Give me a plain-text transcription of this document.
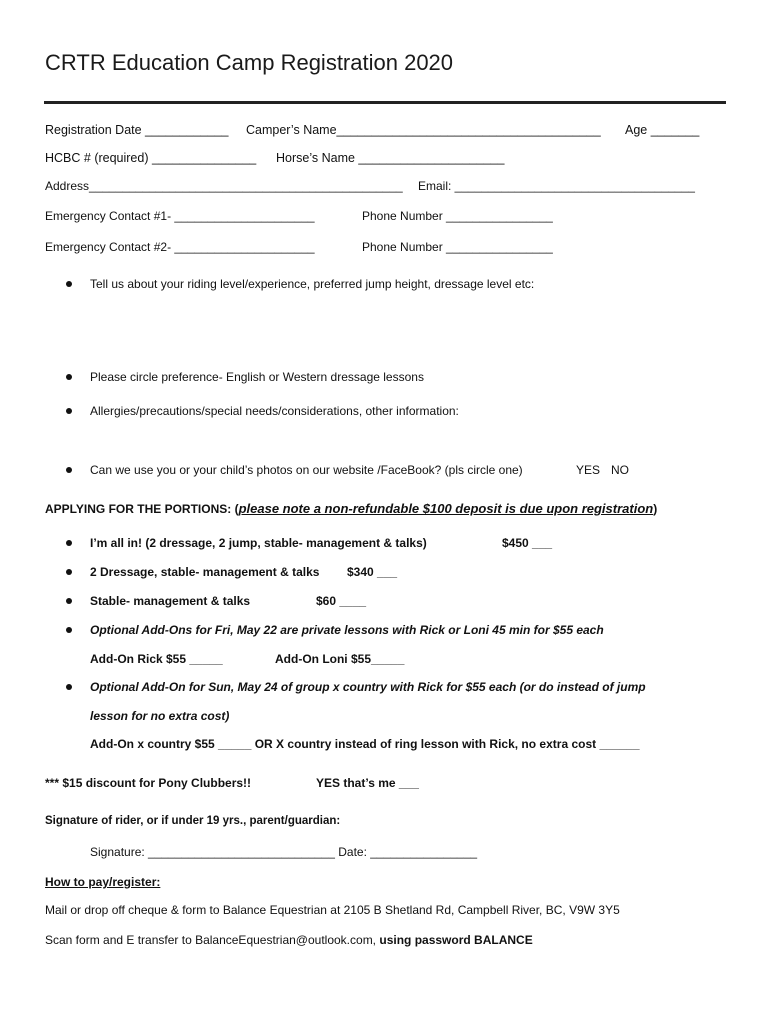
CRTR Education Camp Registration 2020
Registration Date ____________ Camper’s Name______________________________________ Age _______
HCBC # (required) _______________ Horse’s Name _____________________
Address_______________________________________________ Email: ____________________________________
Emergency Contact #1- _____________________	Phone Number ________________
Emergency Contact #2- _____________________	Phone Number ________________
Tell us about your riding level/experience, preferred jump height, dressage level etc:
Please circle preference- English or Western dressage lessons
Allergies/precautions/special needs/considerations, other information:
Can we use you or your child’s photos on our website /FaceBook? (pls circle one)	YES NO
APPLYING FOR THE PORTIONS: (please note a non-refundable $100 deposit is due upon registration)
I’m all in! (2 dressage, 2 jump, stable- management & talks)	$450 ___
2 Dressage, stable- management & talks $340 ___
Stable- management & talks	$60 ____
Optional Add-Ons for Fri, May 22 are private lessons with Rick or Loni 45 min for $55 each
Add-On Rick $55 _____	Add-On Loni $55_____
Optional Add-On for Sun, May 24 of group x country with Rick for $55 each (or do instead of jump
lesson for no extra cost)
Add-On x country $55 _____ OR X country instead of ring lesson with Rick, no extra cost ______
*** $15 discount for Pony Clubbers!!	YES that’s me ___
Signature of rider, or if under 19 yrs., parent/guardian:
Signature: ____________________________ Date: ________________
How to pay/register:
Mail or drop off cheque & form to Balance Equestrian at 2105 B Shetland Rd, Campbell River, BC, V9W 3Y5
Scan form and E transfer to BalanceEquestrian@outlook.com, using password BALANCE
